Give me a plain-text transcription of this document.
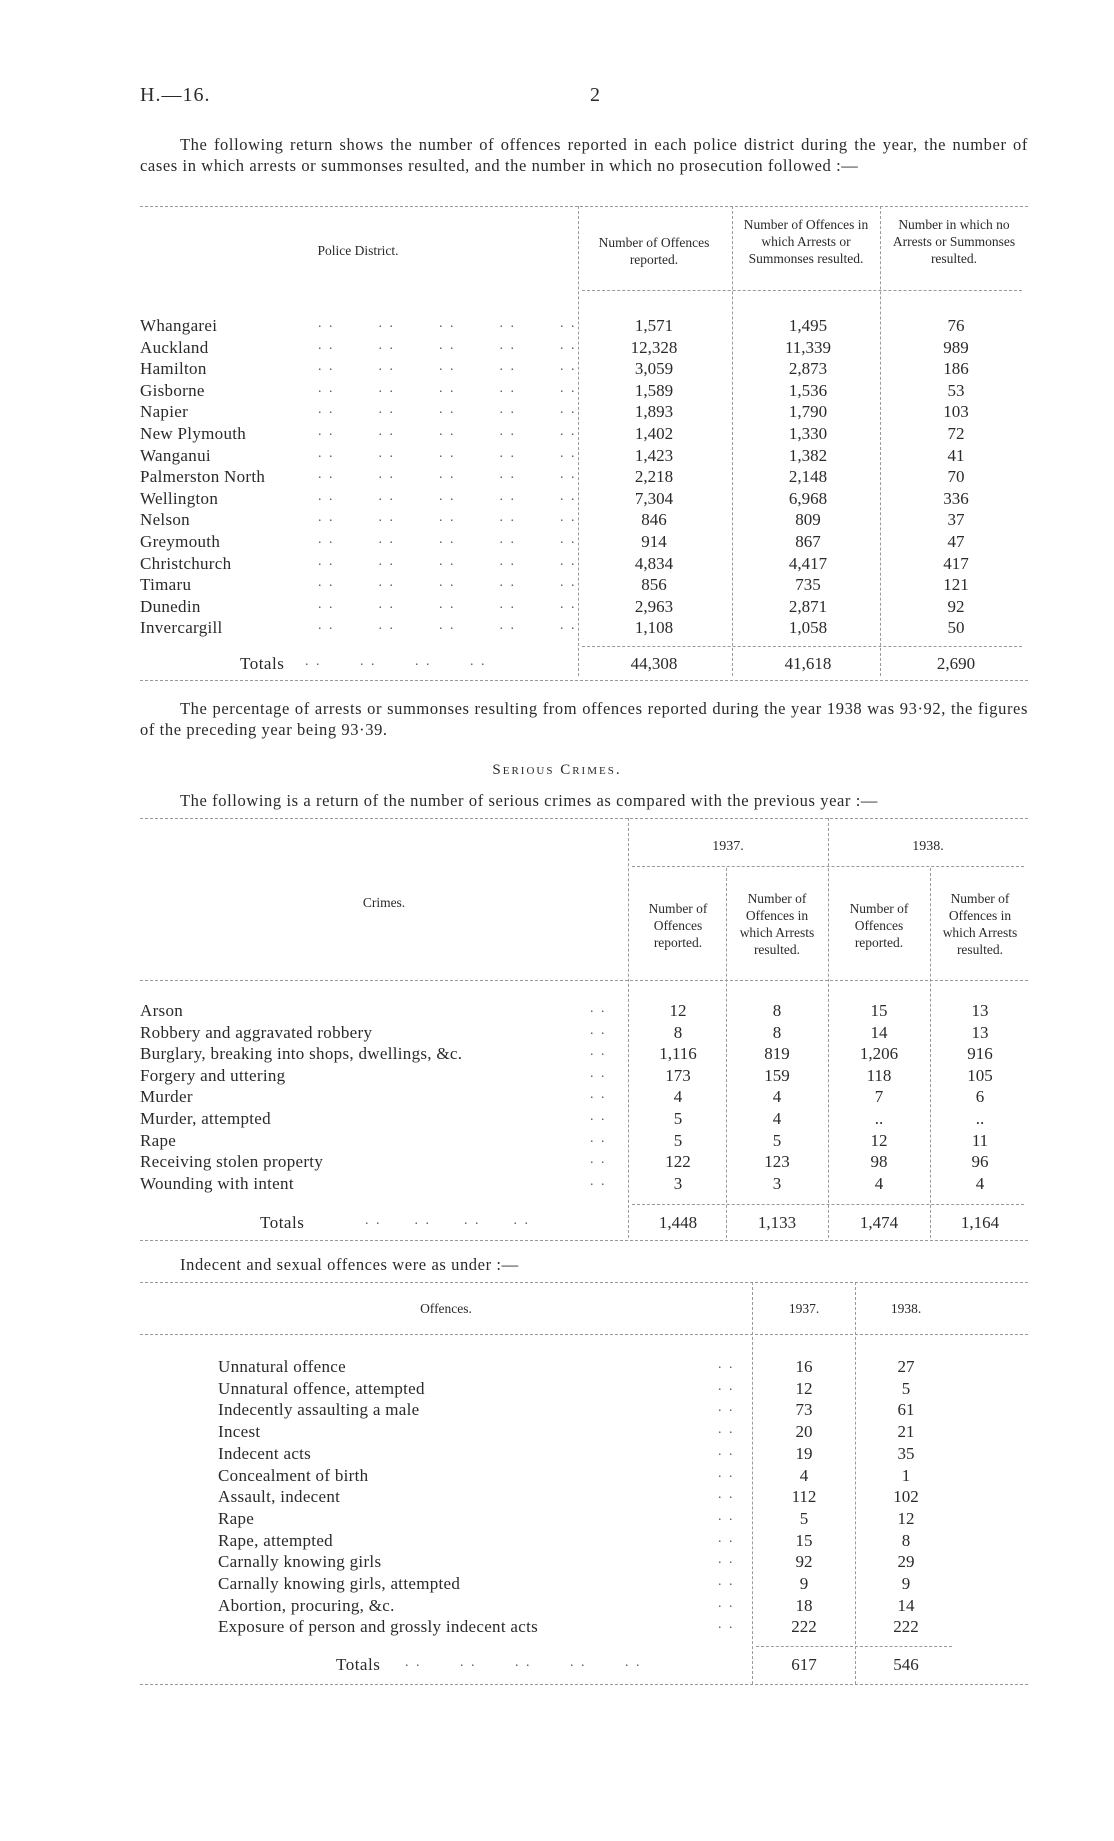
H.—16.	2
The following return shows the number of offences reported in each police district during the year, the number of cases in which arrests or summonses resulted, and the number in which no prosecution followed :—
Police District.
Number of Offences reported.
Number of Offences in which Arrests or Summonses resulted.
Number in which no Arrests or Summonses resulted.
Whangarei	. .        . .        . .        . .        . . 1,571	1,495	76
Auckland	. .        . .        . .        . .        . . 12,328	11,339	989
Hamilton	. .        . .        . .        . .        . . 3,059	2,873	186
Gisborne	. .        . .        . .        . .        . . 1,589	1,536	53
Napier	. .        . .        . .        . .        . . 1,893	1,790	103
New Plymouth	. .        . .        . .        . .        . . 1,402	1,330	72
Wanganui	. .        . .        . .        . .        . . 1,423	1,382	41
Palmerston North	. .        . .        . .        . .        . . 2,218	2,148	70
Wellington	. .        . .        . .        . .        . . 7,304	6,968	336
Nelson	. .        . .        . .        . .        . .	846	809	37
Greymouth	. .        . .        . .        . .        . .	914	867	47
Christchurch	. .        . .        . .        . .        . . 4,834	4,417	417
Timaru	. .        . .        . .        . .        . .	856	735	121
Dunedin	. .        . .        . .        . .        . . 2,963	2,871	92
Invercargill	. .        . .        . .        . .        . . 1,108	1,058	50
Totals . .       . .       . .       . .	44,308	41,618	2,690
The percentage of arrests or summonses resulting from offences reported during the year 1938 was 93·92, the figures of the preceding year being 93·39.
Serious Crimes.
The following is a return of the number of serious crimes as compared with the previous year :—
1937.	1938.
Crimes.	Number of Offences reported.
Number of Offences in which Arrests resulted.
Number of Offences reported.
Number of Offences in which Arrests resulted.
Arson	. .	12	8	15	13
Robbery and aggravated robbery	. .	8	8	14	13
Burglary, breaking into shops, dwellings, &c.	. .	1,116	819	1,206	916
Forgery and uttering	. .	173	159	118	105
Murder	. .	4	4	7	6
Murder, attempted	. .	5	4	..	..
Rape	. .	5	5	12	11
Receiving stolen property	. .	122	123	98	96
Wounding with intent	. .	3	3	4	4
Totals	. .      . .      . .      . .	1,448	1,133	1,474	1,164
Indecent and sexual offences were as under :—
Offences.	1937.	1938.
Unnatural offence	. .	16	27
Unnatural offence, attempted	. .	12	5
Indecently assaulting a male	. .	73	61
Incest	. .	20	21
Indecent acts	. .	19	35
Concealment of birth	. .	4	1
Assault, indecent	. .	112	102
Rape	. .	5	12
Rape, attempted	. .	15	8
Carnally knowing girls	. .	92	29
Carnally knowing girls, attempted	. .	9	9
Abortion, procuring, &c.	. .	18	14
Exposure of person and grossly indecent acts	. .	222	222
Totals . .       . .       . .       . .       . .	617	546
